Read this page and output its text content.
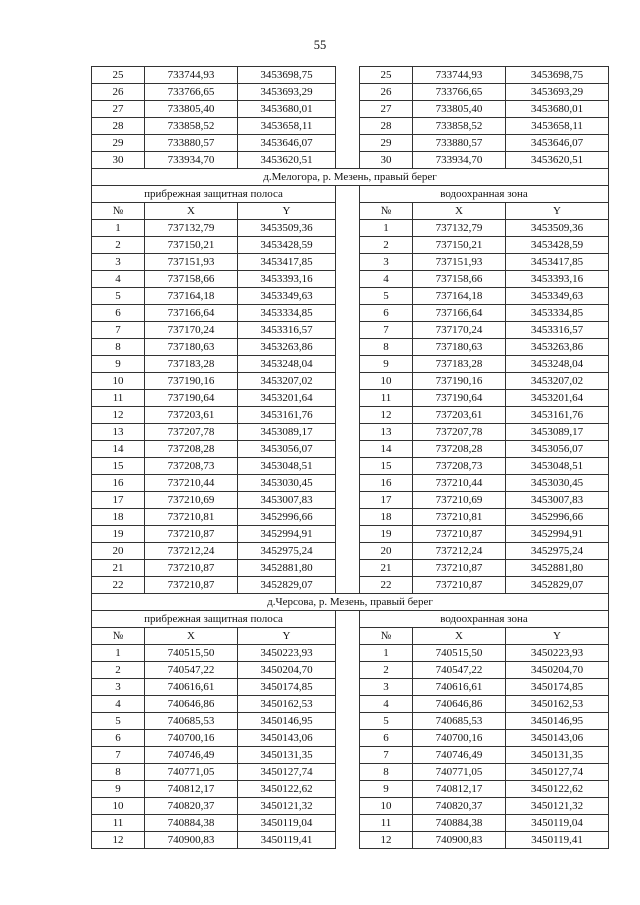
55
25	733744,93	3453698,75		25	733744,93	3453698,75
26	733766,65	3453693,29		26	733766,65	3453693,29
27	733805,40	3453680,01		27	733805,40	3453680,01
28	733858,52	3453658,11		28	733858,52	3453658,11
29	733880,57	3453646,07		29	733880,57	3453646,07
30	733934,70	3453620,51		30	733934,70	3453620,51
д.Мелогора, р. Мезень, правый берег						
прибрежная защитная полоса				водоохранная зона		
№	X	Y		№	X	Y
1	737132,79	3453509,36		1	737132,79	3453509,36
2	737150,21	3453428,59		2	737150,21	3453428,59
3	737151,93	3453417,85		3	737151,93	3453417,85
4	737158,66	3453393,16		4	737158,66	3453393,16
5	737164,18	3453349,63		5	737164,18	3453349,63
6	737166,64	3453334,85		6	737166,64	3453334,85
7	737170,24	3453316,57		7	737170,24	3453316,57
8	737180,63	3453263,86		8	737180,63	3453263,86
9	737183,28	3453248,04		9	737183,28	3453248,04
10	737190,16	3453207,02		10	737190,16	3453207,02
11	737190,64	3453201,64		11	737190,64	3453201,64
12	737203,61	3453161,76		12	737203,61	3453161,76
13	737207,78	3453089,17		13	737207,78	3453089,17
14	737208,28	3453056,07		14	737208,28	3453056,07
15	737208,73	3453048,51		15	737208,73	3453048,51
16	737210,44	3453030,45		16	737210,44	3453030,45
17	737210,69	3453007,83		17	737210,69	3453007,83
18	737210,81	3452996,66		18	737210,81	3452996,66
19	737210,87	3452994,91		19	737210,87	3452994,91
20	737212,24	3452975,24		20	737212,24	3452975,24
21	737210,87	3452881,80		21	737210,87	3452881,80
22	737210,87	3452829,07		22	737210,87	3452829,07
д.Черсова, р. Мезень, правый берег						
прибрежная защитная полоса				водоохранная зона		
№	X	Y		№	X	Y
1	740515,50	3450223,93		1	740515,50	3450223,93
2	740547,22	3450204,70		2	740547,22	3450204,70
3	740616,61	3450174,85		3	740616,61	3450174,85
4	740646,86	3450162,53		4	740646,86	3450162,53
5	740685,53	3450146,95		5	740685,53	3450146,95
6	740700,16	3450143,06		6	740700,16	3450143,06
7	740746,49	3450131,35		7	740746,49	3450131,35
8	740771,05	3450127,74		8	740771,05	3450127,74
9	740812,17	3450122,62		9	740812,17	3450122,62
10	740820,37	3450121,32		10	740820,37	3450121,32
11	740884,38	3450119,04		11	740884,38	3450119,04
12	740900,83	3450119,41		12	740900,83	3450119,41
